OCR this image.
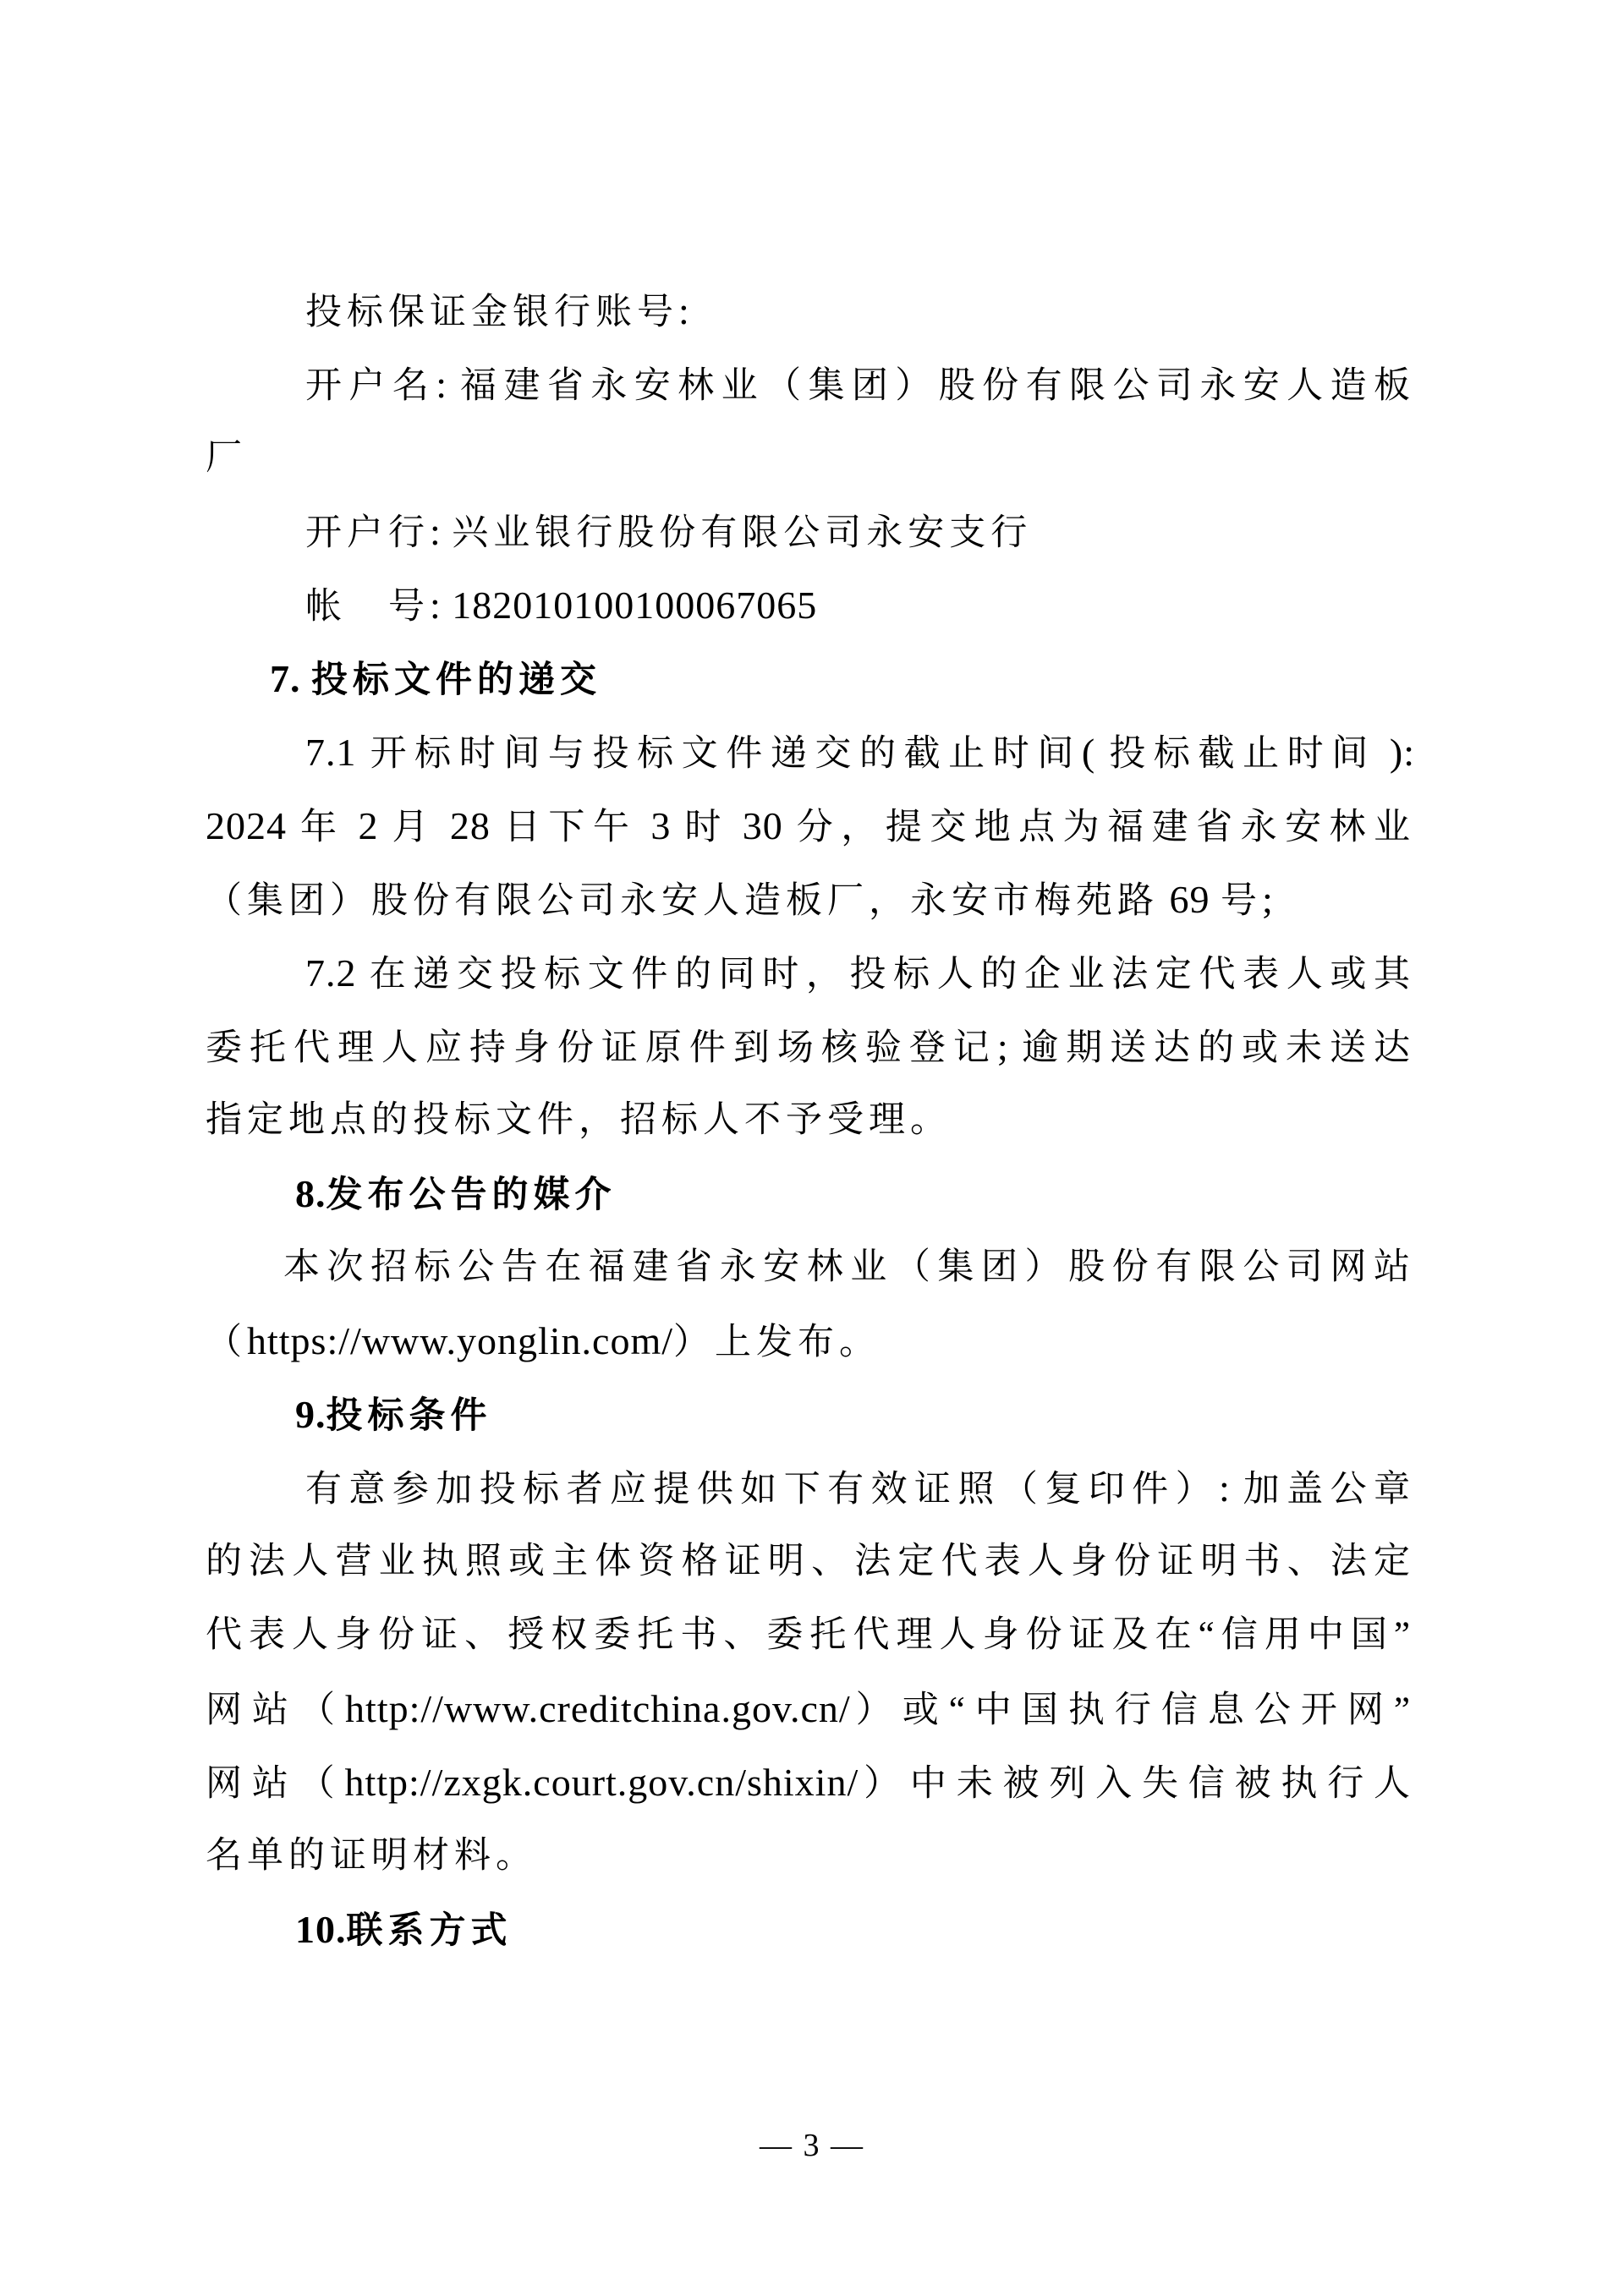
投标保证金银行账号:
开户名: 福建省永安林业（集团）股份有限公司永安人造板
厂
开户行: 兴业银行股份有限公司永安支行
帐　号: 182010100100067065
7. 投标文件的递交
7.1 开标时间与投标文件递交的截止时间( 投标截止时间 ):
2024 年 2 月 28 日下午 3 时 30 分，提交地点为福建省永安林业
（集团）股份有限公司永安人造板厂，永安市梅苑路 69 号;
7.2 在递交投标文件的同时，投标人的企业法定代表人或其
委托代理人应持身份证原件到场核验登记; 逾期送达的或未送达
指定地点的投标文件，招标人不予受理。
8.发布公告的媒介
本次招标公告在福建省永安林业（集团）股份有限公司网站
（https://www.yonglin.com/）上发布。
9.投标条件
有意参加投标者应提供如下有效证照（复印件）: 加盖公章
的法人营业执照或主体资格证明、法定代表人身份证明书、法定
代表人身份证、授权委托书、委托代理人身份证及在“信用中国”
网站（http://www.creditchina.gov.cn/）或“中国执行信息公开网”
网站（http://zxgk.court.gov.cn/shixin/）中未被列入失信被执行人
名单的证明材料。
10.联系方式
— 3 —
